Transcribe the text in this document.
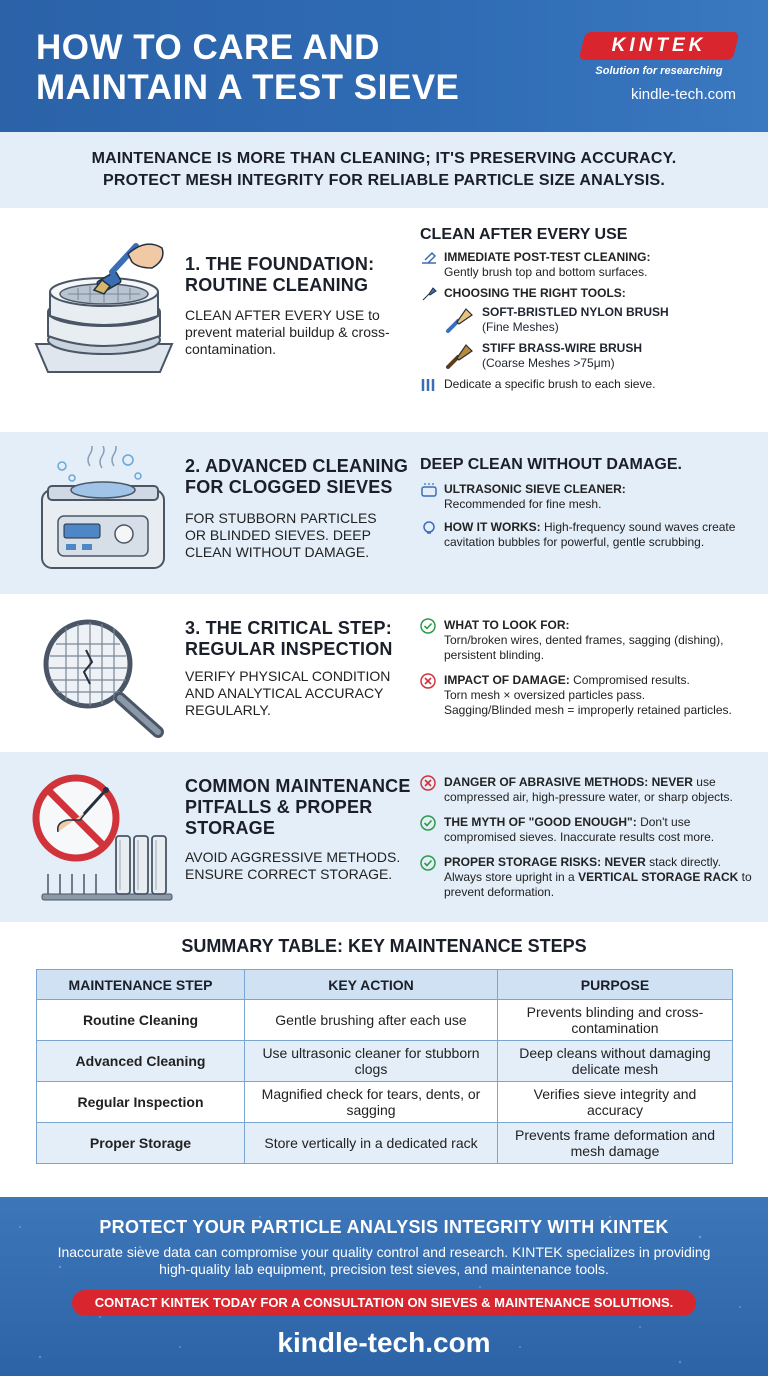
HOW TO CARE AND MAINTAIN A TEST SIEVE
KINTEK
Solution for researching
kindle-tech.com

MAINTENANCE IS MORE THAN CLEANING; IT'S PRESERVING ACCURACY.
PROTECT MESH INTEGRITY FOR RELIABLE PARTICLE SIZE ANALYSIS.

1. THE FOUNDATION: ROUTINE CLEANING
CLEAN AFTER EVERY USE to prevent material buildup & cross-contamination.
CLEAN AFTER EVERY USE
IMMEDIATE POST-TEST CLEANING:
Gently brush top and bottom surfaces.
CHOOSING THE RIGHT TOOLS:
SOFT-BRISTLED NYLON BRUSH
(Fine Meshes)
STIFF BRASS-WIRE BRUSH
(Coarse Meshes >75μm)
Dedicate a specific brush to each sieve.
2. ADVANCED CLEANING FOR CLOGGED SIEVES
FOR STUBBORN PARTICLES OR BLINDED SIEVES. DEEP CLEAN WITHOUT DAMAGE.
DEEP CLEAN WITHOUT DAMAGE.
ULTRASONIC SIEVE CLEANER:
Recommended for fine mesh.
HOW IT WORKS: High-frequency sound waves create cavitation bubbles for powerful, gentle scrubbing.
3. THE CRITICAL STEP: REGULAR INSPECTION
VERIFY PHYSICAL CONDITION AND ANALYTICAL ACCURACY REGULARLY.
WHAT TO LOOK FOR:
Torn/broken wires, dented frames, sagging (dishing), persistent blinding.
IMPACT OF DAMAGE: Compromised results.
Torn mesh × oversized particles pass.
Sagging/Blinded mesh = improperly retained particles.
COMMON MAINTENANCE PITFALLS & PROPER STORAGE
AVOID AGGRESSIVE METHODS. ENSURE CORRECT STORAGE.
DANGER OF ABRASIVE METHODS: NEVER use compressed air, high-pressure water, or sharp objects.
THE MYTH OF "GOOD ENOUGH": Don't use compromised sieves. Inaccurate results cost more.
PROPER STORAGE RISKS: NEVER stack directly. Always store upright in a VERTICAL STORAGE RACK to prevent deformation.
SUMMARY TABLE: KEY MAINTENANCE STEPS
MAINTENANCE STEP	KEY ACTION	PURPOSE
Routine Cleaning	Gentle brushing after each use	Prevents blinding and cross-contamination
Advanced Cleaning	Use ultrasonic cleaner for stubborn clogs	Deep cleans without damaging delicate mesh
Regular Inspection	Magnified check for tears, dents, or sagging	Verifies sieve integrity and accuracy
Proper Storage	Store vertically in a dedicated rack	Prevents frame deformation and mesh damage
PROTECT YOUR PARTICLE ANALYSIS INTEGRITY WITH KINTEK
Inaccurate sieve data can compromise your quality control and research. KINTEK specializes in providing high-quality lab equipment, precision test sieves, and maintenance tools.
CONTACT KINTEK TODAY FOR A CONSULTATION ON SIEVES & MAINTENANCE SOLUTIONS.
kindle-tech.com
